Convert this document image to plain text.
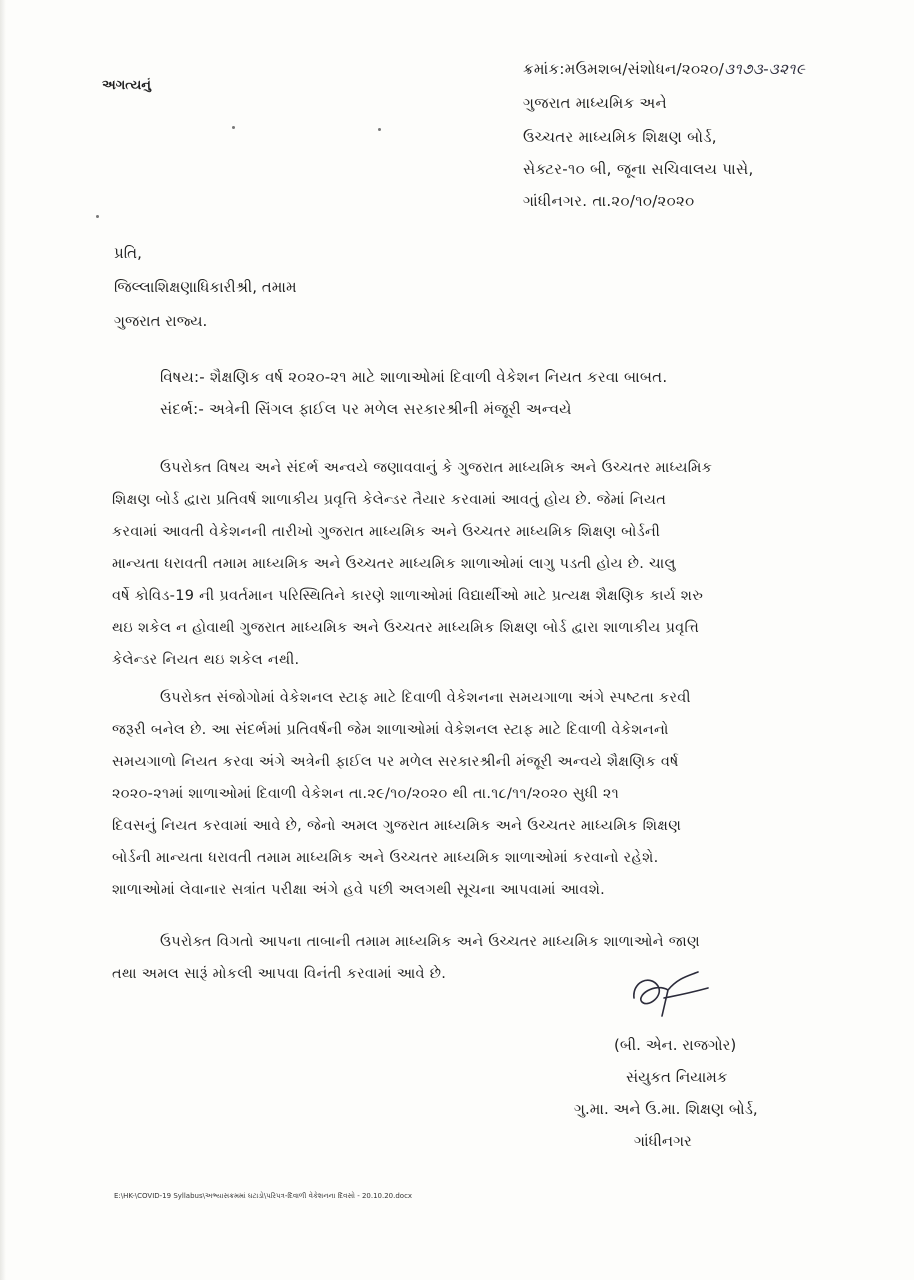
અગત્યનું
ક્રમાંક:મઉમશબ/સંશોધન/૨૦૨૦/૩૧૭૩-૩૨૧૯
ગુજરાત માધ્યમિક અને
ઉચ્ચતર માધ્યમિક શિક્ષણ બોર્ડ,
સેક્ટર-૧૦ બી, જૂના સચિવાલય પાસે,
ગાંધીનગર. તા.૨૦/૧૦/૨૦૨૦
પ્રતિ,
જિલ્લાશિક્ષણાધિકારીશ્રી, તમામ
ગુજરાત રાજ્ય.
વિષય:- શૈક્ષણિક વર્ષ ૨૦૨૦-૨૧ માટે શાળાઓમાં દિવાળી વેકેશન નિયત કરવા બાબત.
સંદર્ભ:- અત્રેની સિંગલ ફાઈલ પર મળેલ સરકારશ્રીની મંજૂરી અન્વયે
ઉપરોક્ત વિષય અને સંદર્ભ અન્વયે જણાવવાનું કે ગુજરાત માધ્યમિક અને ઉચ્ચતર માધ્યમિક
શિક્ષણ બોર્ડ દ્વારા પ્રતિવર્ષ શાળાકીય પ્રવૃત્તિ કેલેન્ડર તૈયાર કરવામાં આવતું હોય છે. જેમાં નિયત
કરવામાં આવતી વેકેશનની તારીખો ગુજરાત માધ્યમિક અને ઉચ્ચતર માધ્યમિક શિક્ષણ બોર્ડની
માન્યતા ધરાવતી તમામ માધ્યમિક અને ઉચ્ચતર માધ્યમિક શાળાઓમાં લાગુ પડતી હોય છે. ચાલુ
વર્ષે કોવિડ-19 ની પ્રવર્તમાન પરિસ્થિતિને કારણે શાળાઓમાં વિદ્યાર્થીઓ માટે પ્રત્યક્ષ શૈક્ષણિક કાર્ય શરુ
થઇ શકેલ ન હોવાથી ગુજરાત માધ્યમિક અને ઉચ્ચતર માધ્યમિક શિક્ષણ બોર્ડ દ્વારા શાળાકીય પ્રવૃત્તિ
કેલેન્ડર નિયત થઇ શકેલ નથી.
ઉપરોક્ત સંજોગોમાં વેકેશનલ સ્ટાફ માટે દિવાળી વેકેશનના સમયગાળા અંગે સ્પષ્ટતા કરવી
જરૂરી બનેલ છે. આ સંદર્ભમાં પ્રતિવર્ષની જેમ શાળાઓમાં વેકેશનલ સ્ટાફ માટે દિવાળી વેકેશનનો
સમયગાળો નિયત કરવા અંગે અત્રેની ફાઈલ પર મળેલ સરકારશ્રીની મંજૂરી અન્વયે શૈક્ષણિક વર્ષ
૨૦૨૦-૨૧માં શાળાઓમાં દિવાળી વેકેશન તા.૨૯/૧૦/૨૦૨૦ થી તા.૧૮/૧૧/૨૦૨૦ સુધી ૨૧
દિવસનું નિયત કરવામાં આવે છે, જેનો અમલ ગુજરાત માધ્યમિક અને ઉચ્ચતર માધ્યમિક શિક્ષણ
બોર્ડની માન્યતા ધરાવતી તમામ માધ્યમિક અને ઉચ્ચતર માધ્યમિક શાળાઓમાં કરવાનો રહેશે.
શાળાઓમાં લેવાનાર સત્રાંત પરીક્ષા અંગે હવે પછી અલગથી સૂચના આપવામાં આવશે.
ઉપરોક્ત વિગતો આપના તાબાની તમામ માધ્યમિક અને ઉચ્ચતર માધ્યમિક શાળાઓને જાણ
તથા અમલ સારૂં મોકલી આપવા વિનંતી કરવામાં આવે છે.
(બી. એન. રાજગોર)
સંયુકત નિયામક
ગુ.મા. અને ઉ.મા. શિક્ષણ બોર્ડ,
ગાંધીનગર
E:\HK-\COVID-19 Syllabus\અભ્યાસક્રમમાં ઘટાડો\પરિપત્ર-દિવાળી વેકેશનના દિવસો - 20.10.20.docx
